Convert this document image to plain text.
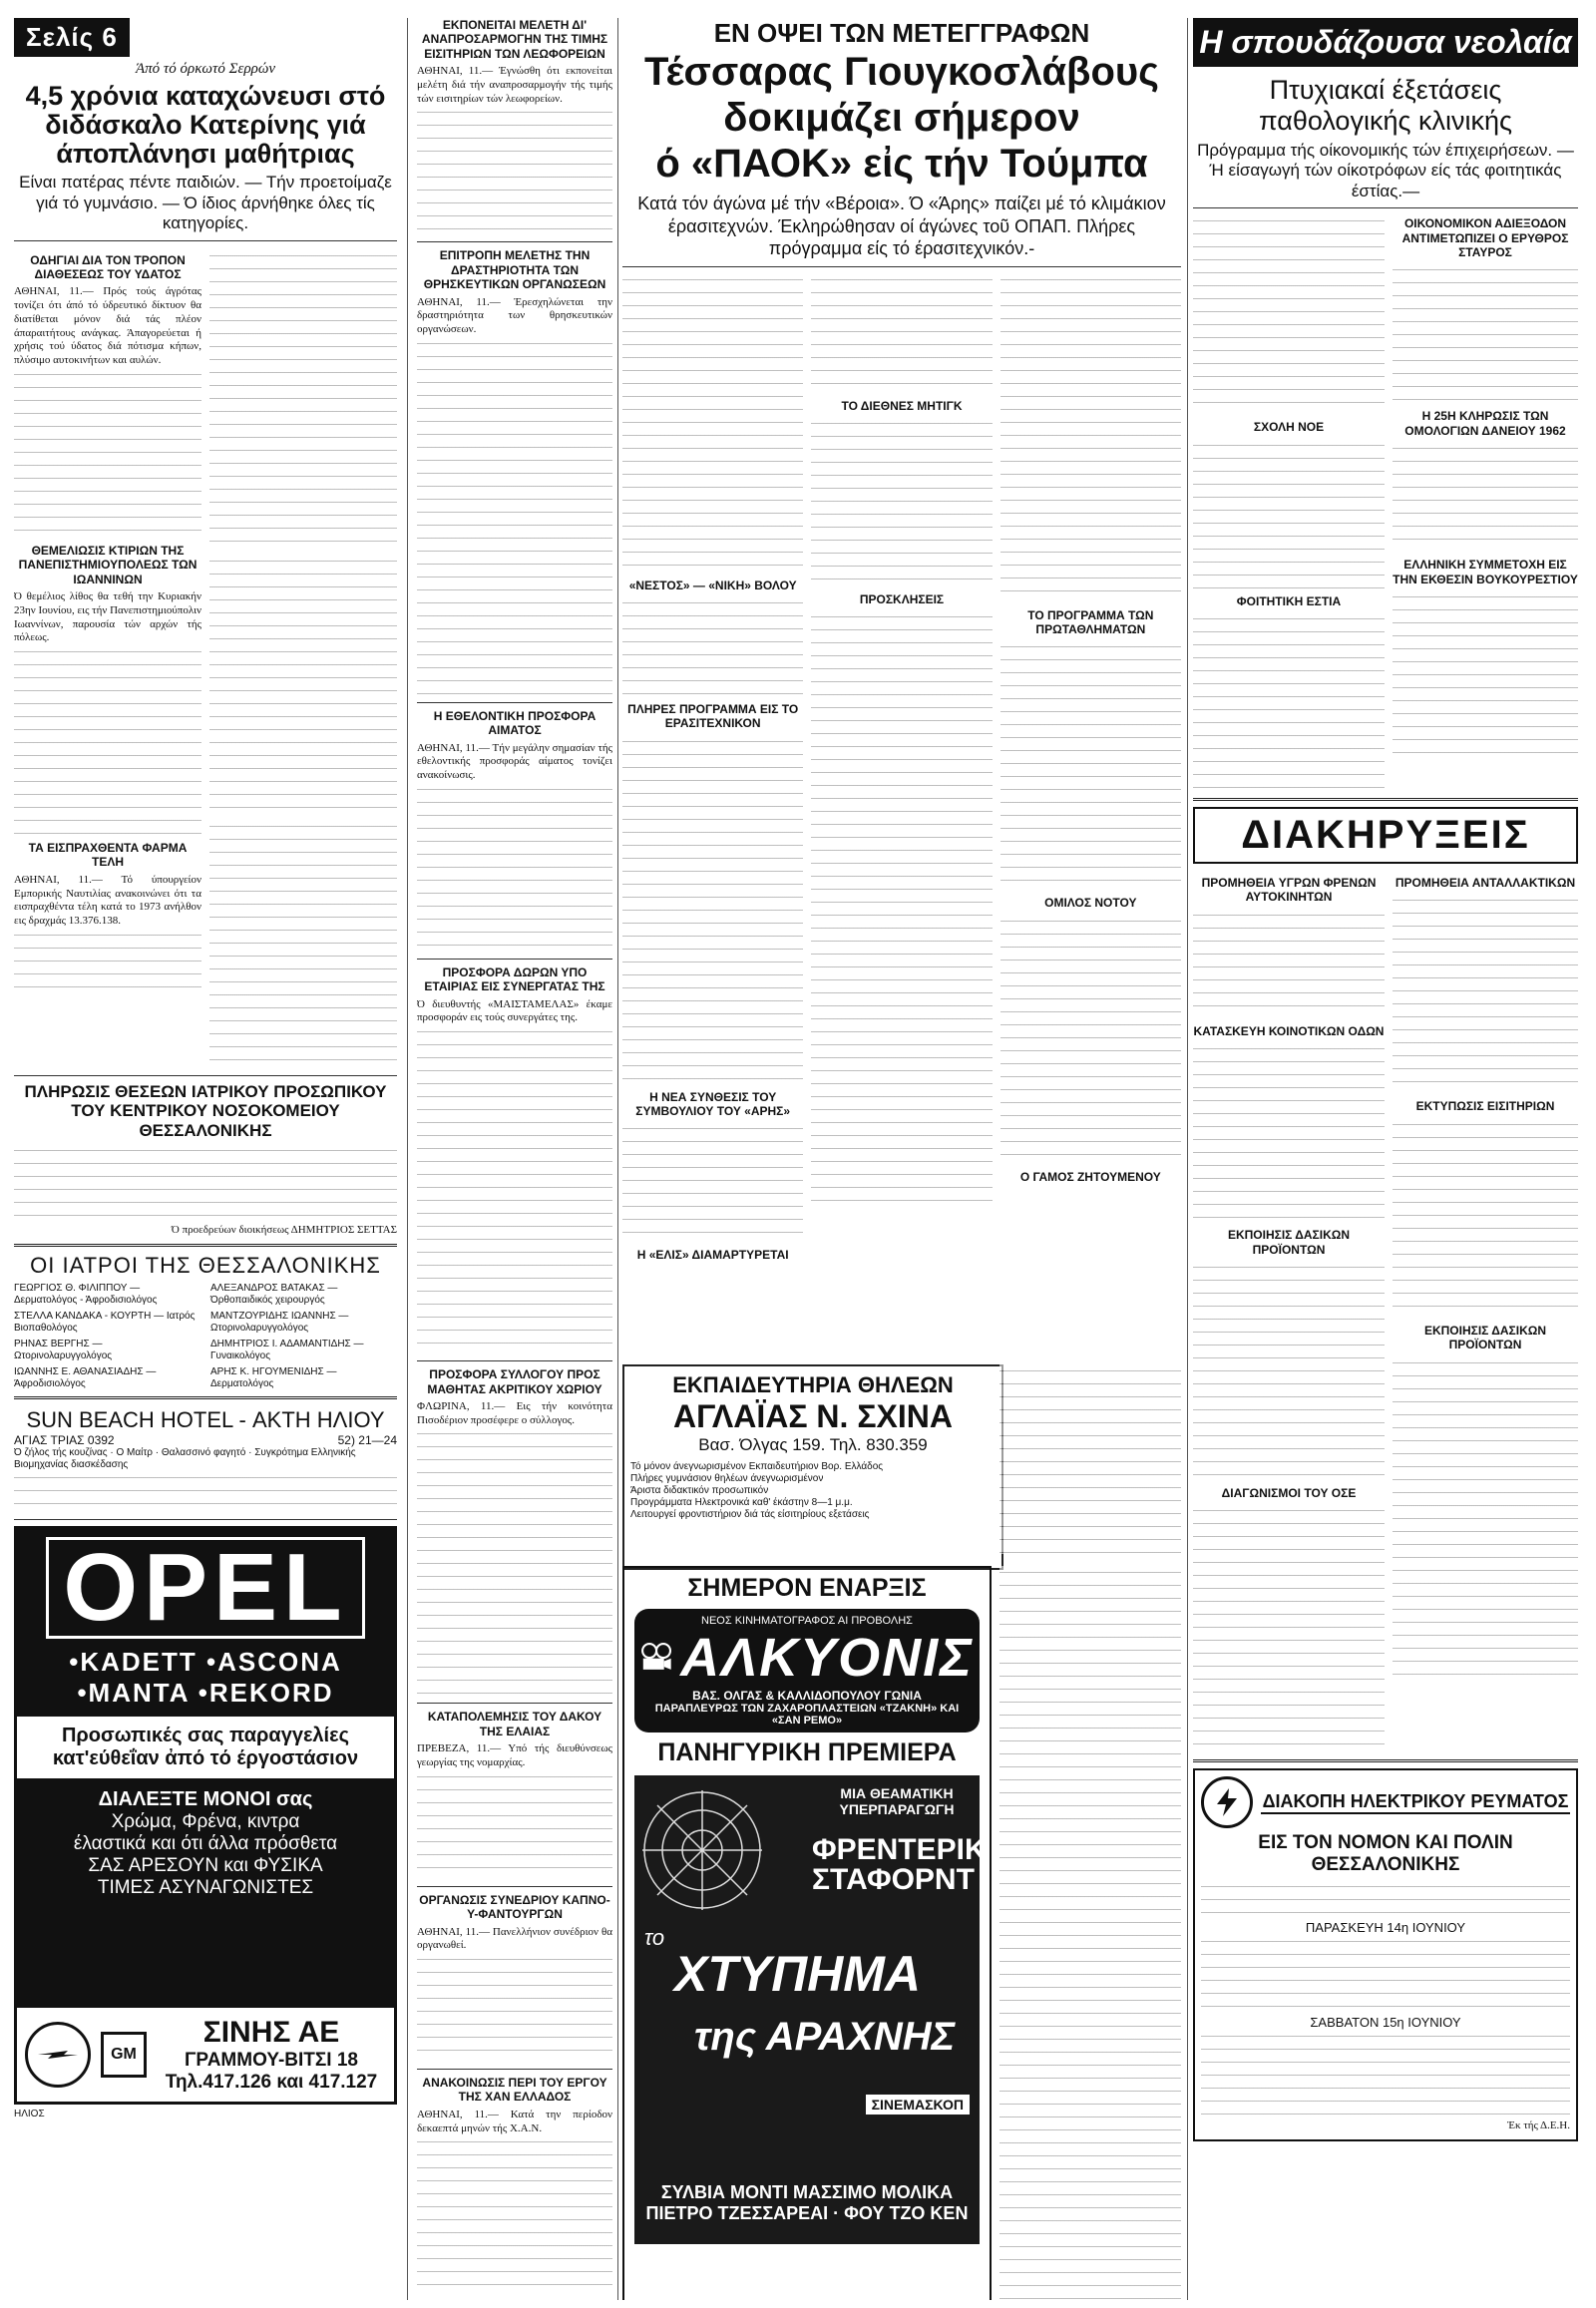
Σελίς 6

Άπό τό όρκωτό Σερρών

4,5 χρόνια καταχώνευσι στό διδάσκαλο Κατερίνης γιά άποπλάνησι μαθήτριας

Είναι πατέρας πέντε παιδιών. — Τήν προετοίμαζε γιά τό γυμνάσιο. — Ό ίδιος άρνήθηκε όλες τίς κατηγορίες.

ΟΔΗΓΙΑΙ ΔΙΑ ΤΟΝ ΤΡΟΠΟΝ ΔΙΑΘΕΣΕΩΣ ΤΟΥ ΥΔΑΤΟΣ

ΑΘΗΝΑΙ, 11.— Πρός τούς άγρότας τονίζει ότι άπό τό ύδρευτικό δίκτυον θα διατίθεται μόνον διά τάς πλέον άπαραιτήτους ανάγκας. Άπαγορεύεται ή χρήσις τού ύδατος διά πότισμα κήπων, πλύσιμο αυτοκινήτων και αυλών.

ΘΕΜΕΛΙΩΣΙΣ ΚΤΙΡΙΩΝ ΤΗΣ ΠΑΝΕΠΙΣΤΗΜΙΟΥΠΟΛΕΩΣ ΤΩΝ ΙΩΑΝΝΙΝΩΝ

Ό θεμέλιος λίθος θα τεθή την Κυριακήν 23ην Ιουνίου, εις τήν Πανεπιστημιούπολιν Ιωαννίνων, παρουσία τών αρχών τής πόλεως.

ΤΑ ΕΙΣΠΡΑΧΘΕΝΤΑ ΦΑΡΜΑ ΤΕΛΗ

ΑΘΗΝΑΙ, 11.— Τό ύπουργείον Εμπορικής Ναυτιλίας ανακοινώνει ότι τα εισπραχθέντα τέλη κατά το 1973 ανήλθον εις δραχμάς 13.376.138.

ΠΛΗΡΩΣΙΣ ΘΕΣΕΩΝ ΙΑΤΡΙΚΟΥ ΠΡΟΣΩΠΙΚΟΥ ΤΟΥ ΚΕΝΤΡΙΚΟΥ ΝΟΣΟΚΟΜΕΙΟΥ ΘΕΣΣΑΛΟΝΙΚΗΣ

Ό προεδρεύων διοικήσεως ΔΗΜΗΤΡΙΟΣ ΣΕΤΤΑΣ

ΟΙ ΙΑΤΡΟΙ ΤΗΣ ΘΕΣΣΑΛΟΝΙΚΗΣ

ΓΕΩΡΓΙΟΣ Θ. ΦΙΛΙΠΠΟΥ — Δερματολόγος - Άφροδισιολόγος

ΑΛΕΞΑΝΔΡΟΣ ΒΑΤΑΚΑΣ — Όρθοπαιδικός χειρουργός

ΣΤΕΛΛΑ ΚΑΝΔΑΚΑ - ΚΟΥΡΤΗ — Ιατρός Βιοπαθολόγος

ΜΑΝΤΖΟΥΡΙΔΗΣ ΙΩΑΝΝΗΣ — Ωτορινολαρυγγολόγος

ΡΗΝΑΣ ΒΕΡΓΗΣ — Ωτορινολαρυγγολόγος

ΔΗΜΗΤΡΙΟΣ Ι. ΑΔΑΜΑΝΤΙΔΗΣ — Γυναικολόγος

ΙΩΑΝΝΗΣ Ε. ΑΘΑΝΑΣΙΑΔΗΣ — Άφροδισιολόγος

ΑΡΗΣ Κ. ΗΓΟΥΜΕΝΙΔΗΣ — Δερματολόγος

SUN BEACH HOTEL - ΑΚΤΗ ΗΛΙΟΥ

ΑΓΙΑΣ ΤΡΙΑΣ 0392	52) 21—24

Ό ζήλος τής κουζίνας · Ο Μαίτρ · Θαλασσινό φαγητό · Συγκρότημα Ελληνικής Βιομηχανίας διασκέδασης

OPEL

•KADETT •ASCONA

•MANTA •REKORD

Προσωπικές σας παραγγελίες

κατ'εύθεΐαν ἀπό τό έργοστάσιον

ΔΙΑΛΕΞΤΕ ΜΟΝΟΙ σας

Χρώμα, Φρένα, κιντρα

έλαστικά και ότι άλλα πρόσθετα

ΣΑΣ ΑΡΕΣΟΥΝ και ΦΥΣΙΚΑ

ΤΙΜΕΣ ΑΣΥΝΑΓΩΝΙΣΤΕΣ

GM

ΣΙΝΗΣ ΑΕ

ΓΡΑΜΜΟΥ-ΒΙΤΣΙ 18

Τηλ.417.126 και 417.127

ΗΛΙΟΣ

ΕΚΠΟΝΕΙΤΑΙ ΜΕΛΕΤΗ ΔΙ' ΑΝΑΠΡΟΣΑΡΜΟΓΗΝ ΤΗΣ ΤΙΜΗΣ ΕΙΣΙΤΗΡΙΩΝ ΤΩΝ ΛΕΩΦΟΡΕΙΩΝ

ΑΘΗΝΑΙ, 11.— Έγνώσθη ότι εκπονείται μελέτη διά τήν αναπροσαρμογήν τής τιμής τών εισιτηρίων τών λεωφορείων.

ΕΠΙΤΡΟΠΗ ΜΕΛΕΤΗΣ ΤΗΝ ΔΡΑΣΤΗΡΙΟΤΗΤΑ ΤΩΝ ΘΡΗΣΚΕΥΤΙΚΩΝ ΟΡΓΑΝΩΣΕΩΝ

ΑΘΗΝΑΙ, 11.— Έρεσχηλώνεται την δραστηριότητα των θρησκευτικών οργανώσεων.

Η ΕΘΕΛΟΝΤΙΚΗ ΠΡΟΣΦΟΡΑ ΑΙΜΑΤΟΣ

ΑΘΗΝΑΙ, 11.— Τήν μεγάλην σημασίαν τής εθελοντικής προσφοράς αίματος τονίζει ανακοίνωσις.

ΠΡΟΣΦΟΡΑ ΔΩΡΩΝ ΥΠΟ ΕΤΑΙΡΙΑΣ ΕΙΣ ΣΥΝΕΡΓΑΤΑΣ ΤΗΣ

Ό διευθυντής «ΜΑΙΣΤΑΜΕΛΑΣ» έκαμε προσφοράν εις τούς συνεργάτες της.

ΠΡΟΣΦΟΡΑ ΣΥΛΛΟΓΟΥ ΠΡΟΣ ΜΑΘΗΤΑΣ ΑΚΡΙΤΙΚΟΥ ΧΩΡΙΟΥ

ΦΛΩΡΙΝΑ, 11.— Εις τήν κοινότητα Πισοδέριον προσέφερε ο σύλλογος.

ΚΑΤΑΠΟΛΕΜΗΣΙΣ ΤΟΥ ΔΑΚΟΥ ΤΗΣ ΕΛΑΙΑΣ

ΠΡΕΒΕΖΑ, 11.— Υπό τής διευθύνσεως γεωργίας της νομαρχίας.

ΟΡΓΑΝΩΣΙΣ ΣΥΝΕΔΡΙΟΥ ΚΑΠΝΟ-Υ-ΦΑΝΤΟΥΡΓΩΝ

ΑΘΗΝΑΙ, 11.— Πανελλήνιον συνέδριον θα οργανωθεί.

ΑΝΑΚΟΙΝΩΣΙΣ ΠΕΡΙ ΤΟΥ ΕΡΓΟΥ ΤΗΣ ΧΑΝ ΕΛΛΑΔΟΣ

ΑΘΗΝΑΙ, 11.— Κατά την περίοδον δεκαεπτά μηνών τής Χ.Α.Ν.

ΕΝ ΟΨΕΙ ΤΩΝ ΜΕΤΕΓΓΡΑΦΩΝ

Τέσσαρας Γιουγκοσλάβους

δοκιμάζει σήμερον

ό «ΠΑΟΚ» εἰς τήν Τούμπα

Κατά τόν άγώνα μέ τήν «Βέροια». Ό «Άρης» παίζει μέ τό κλιμάκιον έρασιτεχνών. Έκληρώθησαν οί άγώνες τοῦ ΟΠΑΠ. Πλήρες πρόγραμμα είς τό έρασιτεχνικόν.-

«ΝΕΣΤΟΣ» — «ΝΙΚΗ» ΒΟΛΟΥ

ΠΛΗΡΕΣ ΠΡΟΓΡΑΜΜΑ ΕΙΣ ΤΟ ΕΡΑΣΙΤΕΧΝΙΚΟΝ

Η ΝΕΑ ΣΥΝΘΕΣΙΣ ΤΟΥ ΣΥΜΒΟΥΛΙΟΥ ΤΟΥ «ΑΡΗΣ»

Η «ΕΛΙΣ» ΔΙΑΜΑΡΤΥΡΕΤΑΙ

ΤΟ ΔΙΕΘΝΕΣ ΜΗΤΙΓΚ

ΠΡΟΣΚΛΗΣΕΙΣ

ΤΟ ΠΡΟΓΡΑΜΜΑ ΤΩΝ ΠΡΩΤΑΘΛΗΜΑΤΩΝ

ΟΜΙΛΟΣ ΝΟΤΟΥ

Ο ΓΑΜΟΣ ΖΗΤΟΥΜΕΝΟΥ

ΕΚΠΑΙΔΕΥΤΗΡΙΑ ΘΗΛΕΩΝ

ΑΓΛΑΪΑΣ Ν. ΣΧΙΝΑ

Βασ. Όλγας 159. Τηλ. 830.359

Τό μόνον άνεγνωρισμένον Εκπαιδευτήριον Βορ. Ελλάδος

Πλήρες γυμνάσιον θηλέων άνεγνωρισμένον

Άριστα διδακτικόν προσωπικόν

Προγράμματα Ηλεκτρονικά καθ' έκάστην 8—1 μ.μ.

Λειτουργεί φροντιστήριον διά τάς είσιτηρίους εξετάσεις

ΣΗΜΕΡΟΝ ΕΝΑΡΞΙΣ

ΝΕΟΣ ΚΙΝΗΜΑΤΟΓΡΑΦΟΣ ΑΙ ΠΡΟΒΟΛΗΣ

ΑΛΚΥΟΝΙΣ

ΒΑΣ. ΟΛΓΑΣ & ΚΑΛΛΙΔΟΠΟΥΛΟΥ ΓΩΝΙΑ

ΠΑΡΑΠΛΕΥΡΩΣ ΤΩΝ ΖΑΧΑΡΟΠΛΑΣΤΕΙΩΝ «ΤΖΑΚΝΗ» ΚΑΙ «ΣΑΝ ΡΕΜΟ»

ΠΑΝΗΓΥΡΙΚΗ ΠΡΕΜΙΕΡΑ

ΜΙΑ ΘΕΑΜΑΤΙΚΗ ΥΠΕΡΠΑΡΑΓΩΓΗ

ΦΡΕΝΤΕΡΙΚ ΣΤΑΦΟΡΝΤ

το

ΧΤΥΠΗΜΑ

της ΑΡΑΧΝΗΣ

ΣΙΝΕΜΑΣΚΟΠ

ΣΥΛΒΙΑ ΜΟΝΤΙ ΜΑΣΣΙΜΟ ΜΟΛΙΚΑ ΠΙΕΤΡΟ ΤΖΕΣΣΑΡΕΑΙ · ΦΟΥ ΤΖΟ ΚΕΝ

Η σπουδάζουσα νεολαία

Πτυχιακαί έξετάσεις παθολογικής κλινικής

Πρόγραμμα τής οίκονομικής τών έπιχειρήσεων. — Ή είσαγωγή τών οίκοτρόφων είς τάς φοιτητικάς έστίας.—

ΣΧΟΛΗ ΝΟΕ

ΦΟΙΤΗΤΙΚΗ ΕΣΤΙΑ

ΟΙΚΟΝΟΜΙΚΟΝ ΑΔΙΕΞΟΔΟΝ ΑΝΤΙΜΕΤΩΠΙΖΕΙ Ο ΕΡΥΘΡΟΣ ΣΤΑΥΡΟΣ

Η 25Η ΚΛΗΡΩΣΙΣ ΤΩΝ ΟΜΟΛΟΓΙΩΝ ΔΑΝΕΙΟΥ 1962

ΕΛΛΗΝΙΚΗ ΣΥΜΜΕΤΟΧΗ ΕΙΣ ΤΗΝ ΕΚΘΕΣΙΝ ΒΟΥΚΟΥΡΕΣΤΙΟΥ

ΔΙΑΚΗΡΥΞΕΙΣ

ΠΡΟΜΗΘΕΙΑ ΥΓΡΩΝ ΦΡΕΝΩΝ ΑΥΤΟΚΙΝΗΤΩΝ

ΚΑΤΑΣΚΕΥΗ ΚΟΙΝΟΤΙΚΩΝ ΟΔΩΝ

ΕΚΠΟΙΗΣΙΣ ΔΑΣΙΚΩΝ ΠΡΟΪΟΝΤΩΝ

ΔΙΑΓΩΝΙΣΜΟΙ ΤΟΥ ΟΣΕ

ΠΡΟΜΗΘΕΙΑ ΑΝΤΑΛΛΑΚΤΙΚΩΝ

ΕΚΤΥΠΩΣΙΣ ΕΙΣΙΤΗΡΙΩΝ

ΕΚΠΟΙΗΣΙΣ ΔΑΣΙΚΩΝ ΠΡΟΪΟΝΤΩΝ

ΔΙΑΚΟΠΗ ΗΛΕΚΤΡΙΚΟΥ ΡΕΥΜΑΤΟΣ

ΕΙΣ ΤΟΝ ΝΟΜΟΝ ΚΑΙ ΠΟΛΙΝ ΘΕΣΣΑΛΟΝΙΚΗΣ

ΠΑΡΑΣΚΕΥΗ 14η ΙΟΥΝΙΟΥ

ΣΑΒΒΑΤΟΝ 15η ΙΟΥΝΙΟΥ

Έκ τής Δ.Ε.Η.
